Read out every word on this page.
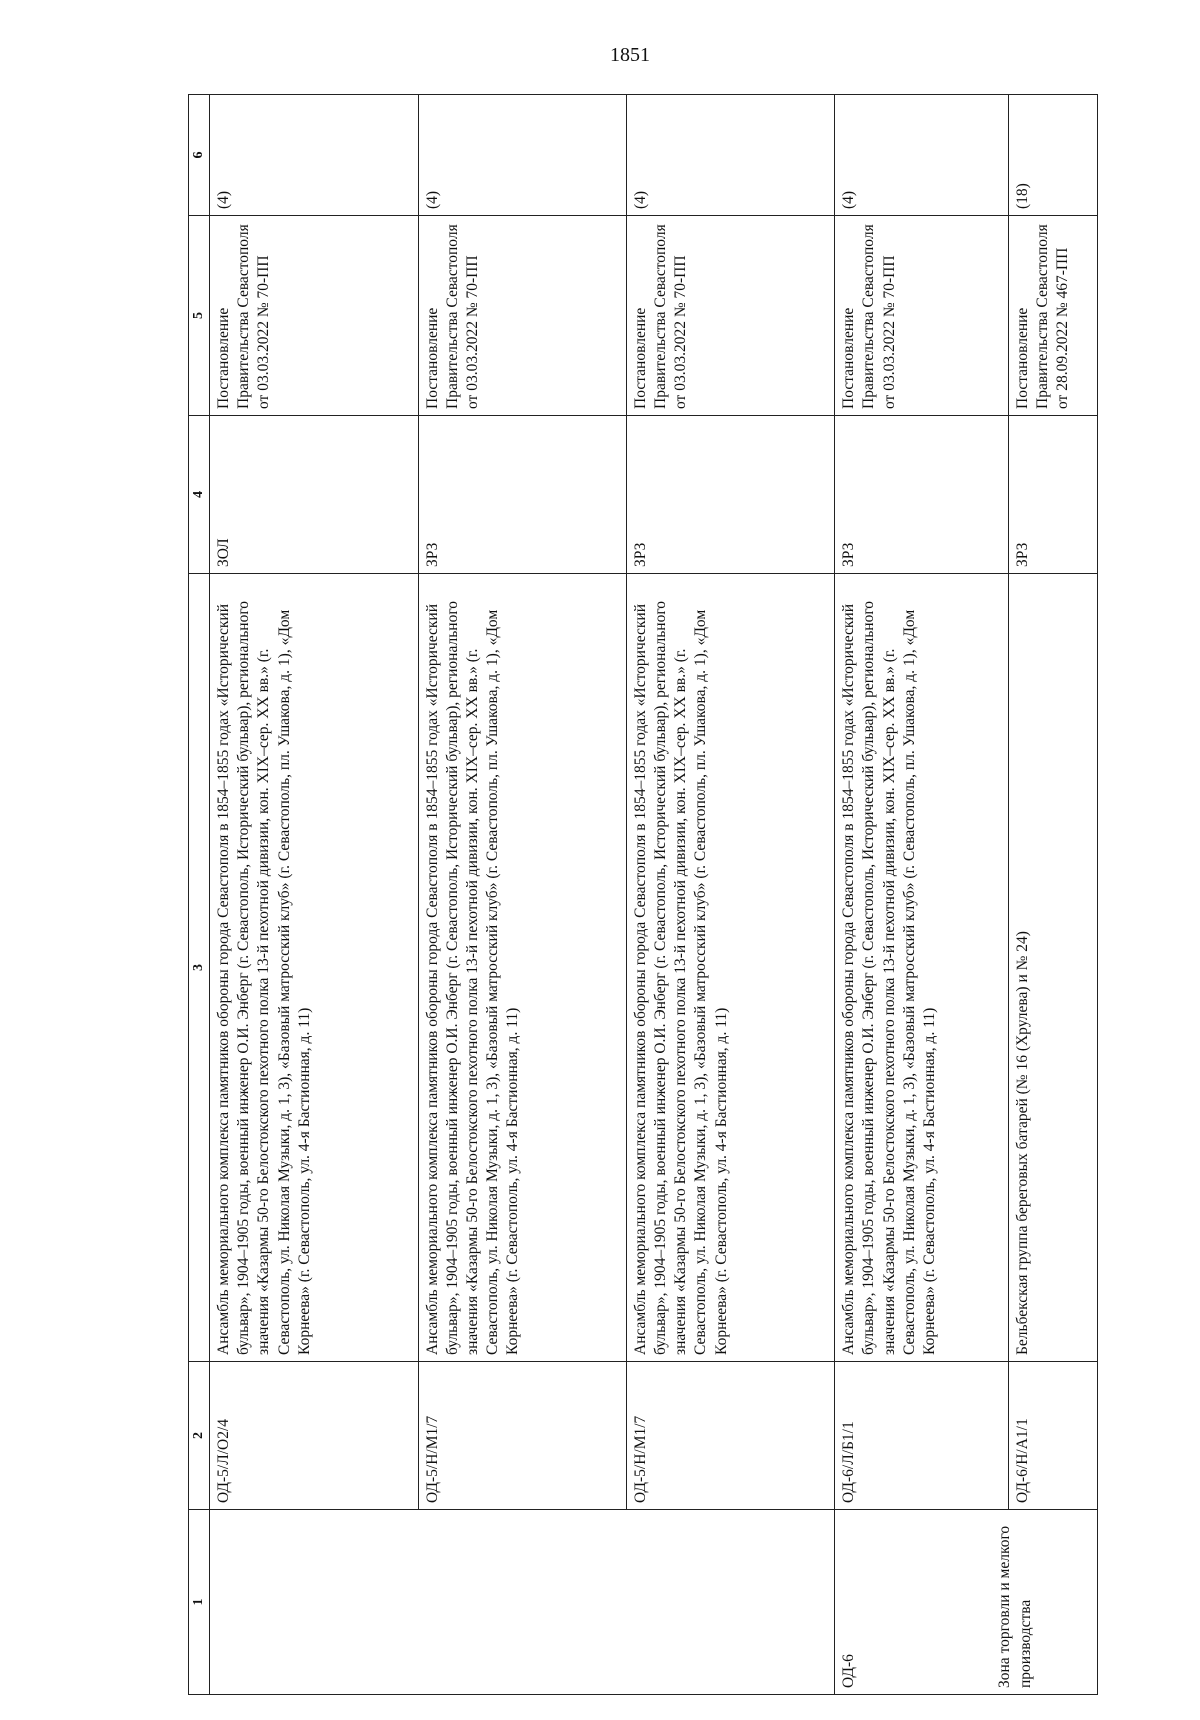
1851
1	2	3	4	5	6
	ОД-5/Л/О2/4	Ансамбль мемориального комплекса памятников обороны города Севастополя в 1854–1855 годах «Исторический бульвар», 1904–1905 годы, военный инженер О.И. Энберг (г. Севастополь, Исторический бульвар), регионального значения «Казармы 50-го Белостокского пехотного полка 13-й пехотной дивизии, кон. XIX–сер. XX вв.» (г. Севастополь, ул. Николая Музыки, д. 1, 3), «Базовый матросский клуб» (г. Севастополь, пл. Ушакова, д. 1), «Дом Корнеева» (г. Севастополь, ул. 4-я Бастионная, д. 11)	ЗОЛ	Постановление Правительства Севастополя от 03.03.2022 № 70-ПП	(4)
	ОД-5/Н/М1/7	Ансамбль мемориального комплекса памятников обороны города Севастополя в 1854–1855 годах «Исторический бульвар», 1904–1905 годы, военный инженер О.И. Энберг (г. Севастополь, Исторический бульвар), регионального значения «Казармы 50-го Белостокского пехотного полка 13-й пехотной дивизии, кон. XIX–сер. XX вв.» (г. Севастополь, ул. Николая Музыки, д. 1, 3), «Базовый матросский клуб» (г. Севастополь, пл. Ушакова, д. 1), «Дом Корнеева» (г. Севастополь, ул. 4-я Бастионная, д. 11)	ЗРЗ	Постановление Правительства Севастополя от 03.03.2022 № 70-ПП	(4)
	ОД-5/Н/М1/7	Ансамбль мемориального комплекса памятников обороны города Севастополя в 1854–1855 годах «Исторический бульвар», 1904–1905 годы, военный инженер О.И. Энберг (г. Севастополь, Исторический бульвар), регионального значения «Казармы 50-го Белостокского пехотного полка 13-й пехотной дивизии, кон. XIX–сер. XX вв.» (г. Севастополь, ул. Николая Музыки, д. 1, 3), «Базовый матросский клуб» (г. Севастополь, пл. Ушакова, д. 1), «Дом Корнеева» (г. Севастополь, ул. 4-я Бастионная, д. 11)	ЗРЗ	Постановление Правительства Севастополя от 03.03.2022 № 70-ПП	(4)
ОД-6 Зона торговли и мелкого производства	ОД-6/Л/Б1/1	Ансамбль мемориального комплекса памятников обороны города Севастополя в 1854–1855 годах «Исторический бульвар», 1904–1905 годы, военный инженер О.И. Энберг (г. Севастополь, Исторический бульвар), регионального значения «Казармы 50-го Белостокского пехотного полка 13-й пехотной дивизии, кон. XIX–сер. XX вв.» (г. Севастополь, ул. Николая Музыки, д. 1, 3), «Базовый матросский клуб» (г. Севастополь, пл. Ушакова, д. 1), «Дом Корнеева» (г. Севастополь, ул. 4-я Бастионная, д. 11)	ЗРЗ	Постановление Правительства Севастополя от 03.03.2022 № 70-ПП	(4)
	ОД-6/Н/А1/1	Бельбекская группа береговых батарей (№ 16 (Хрулева) и № 24)	ЗРЗ	Постановление Правительства Севастополя от 28.09.2022 № 467-ПП	(18)
